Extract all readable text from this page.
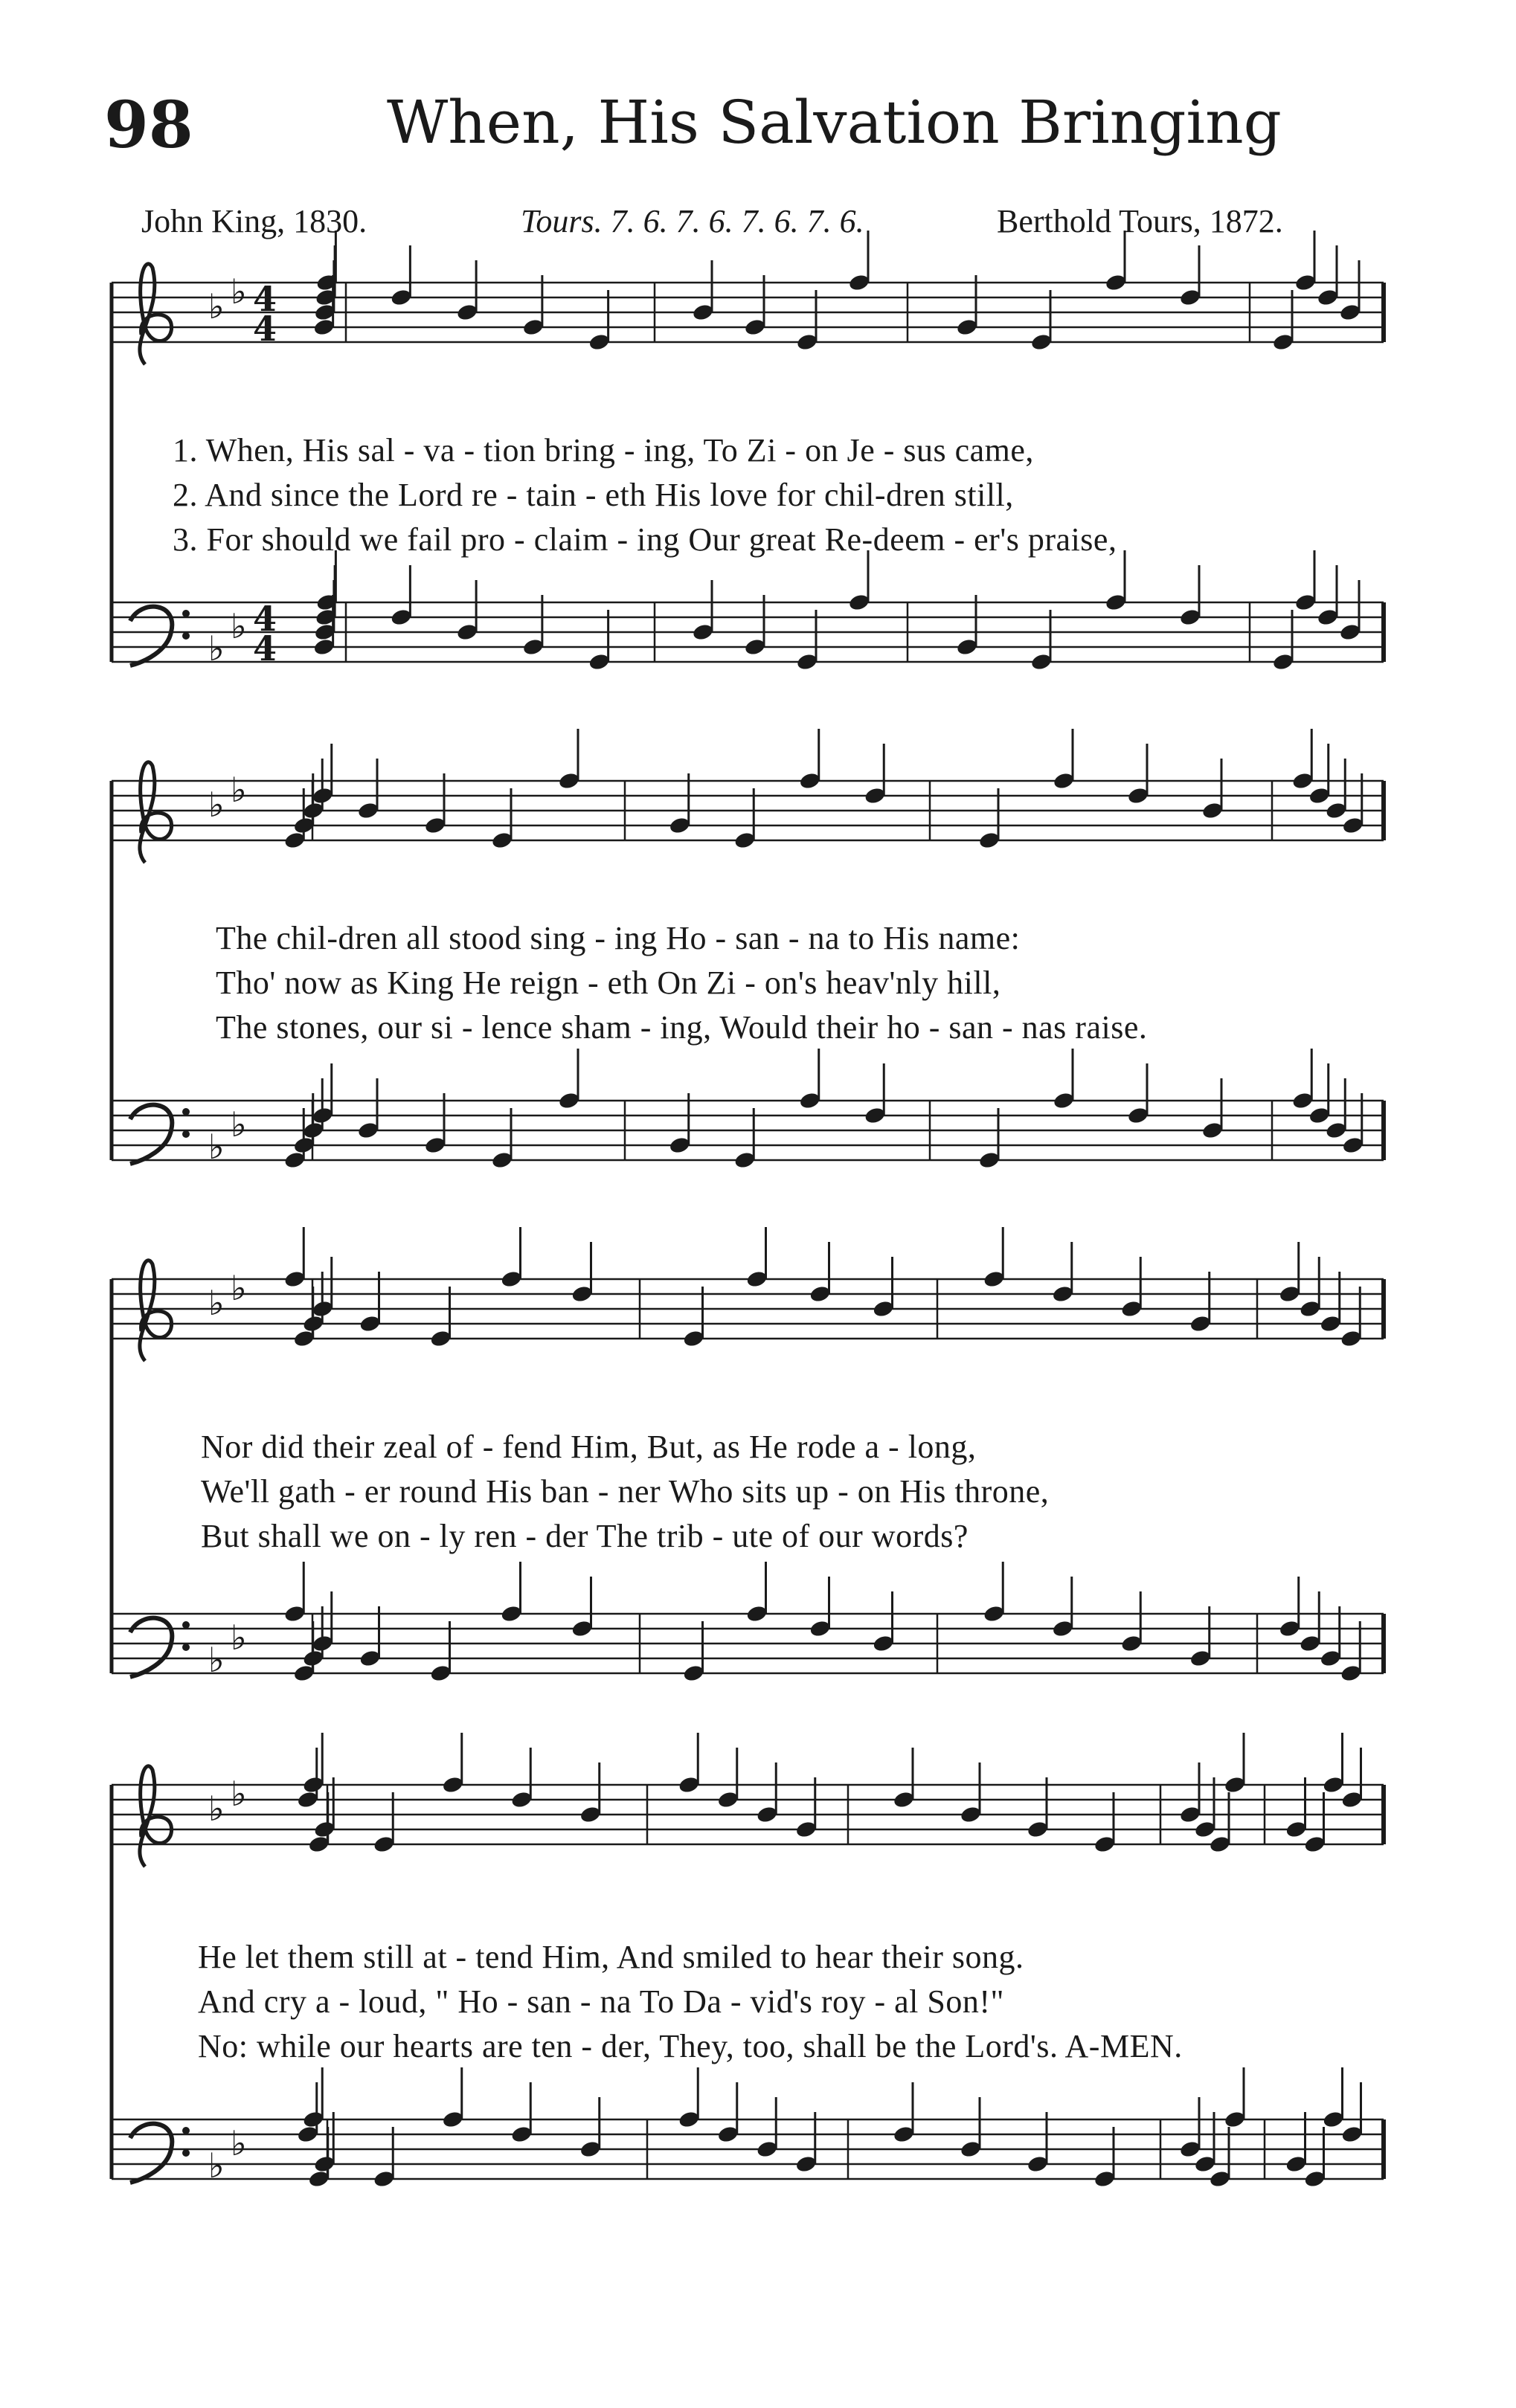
98	When, His Salvation Bringing
John King, 1830.	Tours. 7. 6. 7. 6. 7. 6. 7. 6.	Berthold Tours, 1872.
♭ ♭ 4
4
♭
♭ 4
4
♭ ♭
♭
♭
♭ ♭
♭
♭
♭ ♭
♭
♭
1. When, His sal - va - tion bring - ing, To Zi - on Je - sus came,
2. And since the Lord re - tain - eth His love for chil-dren still,
3. For should we fail pro - claim - ing Our great Re-deem - er's praise,
The chil-dren all stood sing - ing Ho - san - na to His name:
Tho' now as King He reign - eth On Zi - on's heav'nly hill,
The stones, our si - lence sham - ing, Would their ho - san - nas raise.
Nor did their zeal of - fend Him, But, as He rode a - long,
We'll gath - er round His ban - ner Who sits up - on His throne,
But shall we on - ly ren - der The trib - ute of our words?
He let them still at - tend Him, And smiled to hear their song.
And cry a - loud, " Ho - san - na To Da - vid's roy - al Son!"
No: while our hearts are ten - der, They, too, shall be the Lord's. A-MEN.
